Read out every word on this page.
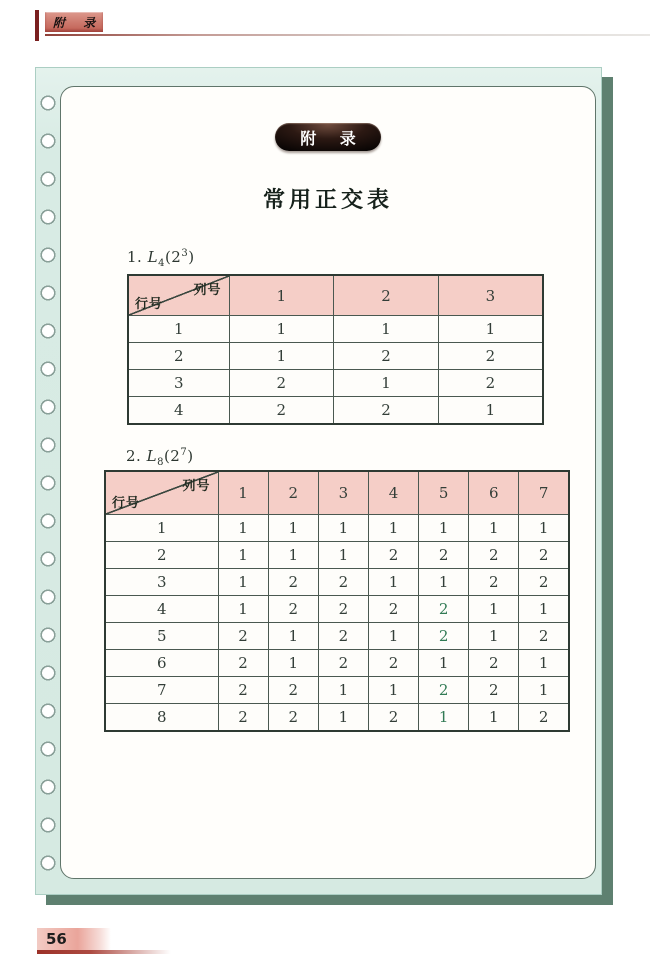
附 录
附 录
常用正交表
1. $L_4(2^3)$
列号
行号	1	2	3
1	1	1	1
2	1	2	2
3	2	1	2
4	2	2	1
2. $L_8(2^7)$
列号
行号	1	2	3	4	5	6	7
1	1	1	1	1	1	1	1
2	1	1	1	2	2	2	2
3	1	2	2	1	1	2	2
4	1	2	2	2	2	1	1
5	2	1	2	1	2	1	2
6	2	1	2	2	1	2	1
7	2	2	1	1	2	2	1
8	2	2	1	2	1	1	2
56
